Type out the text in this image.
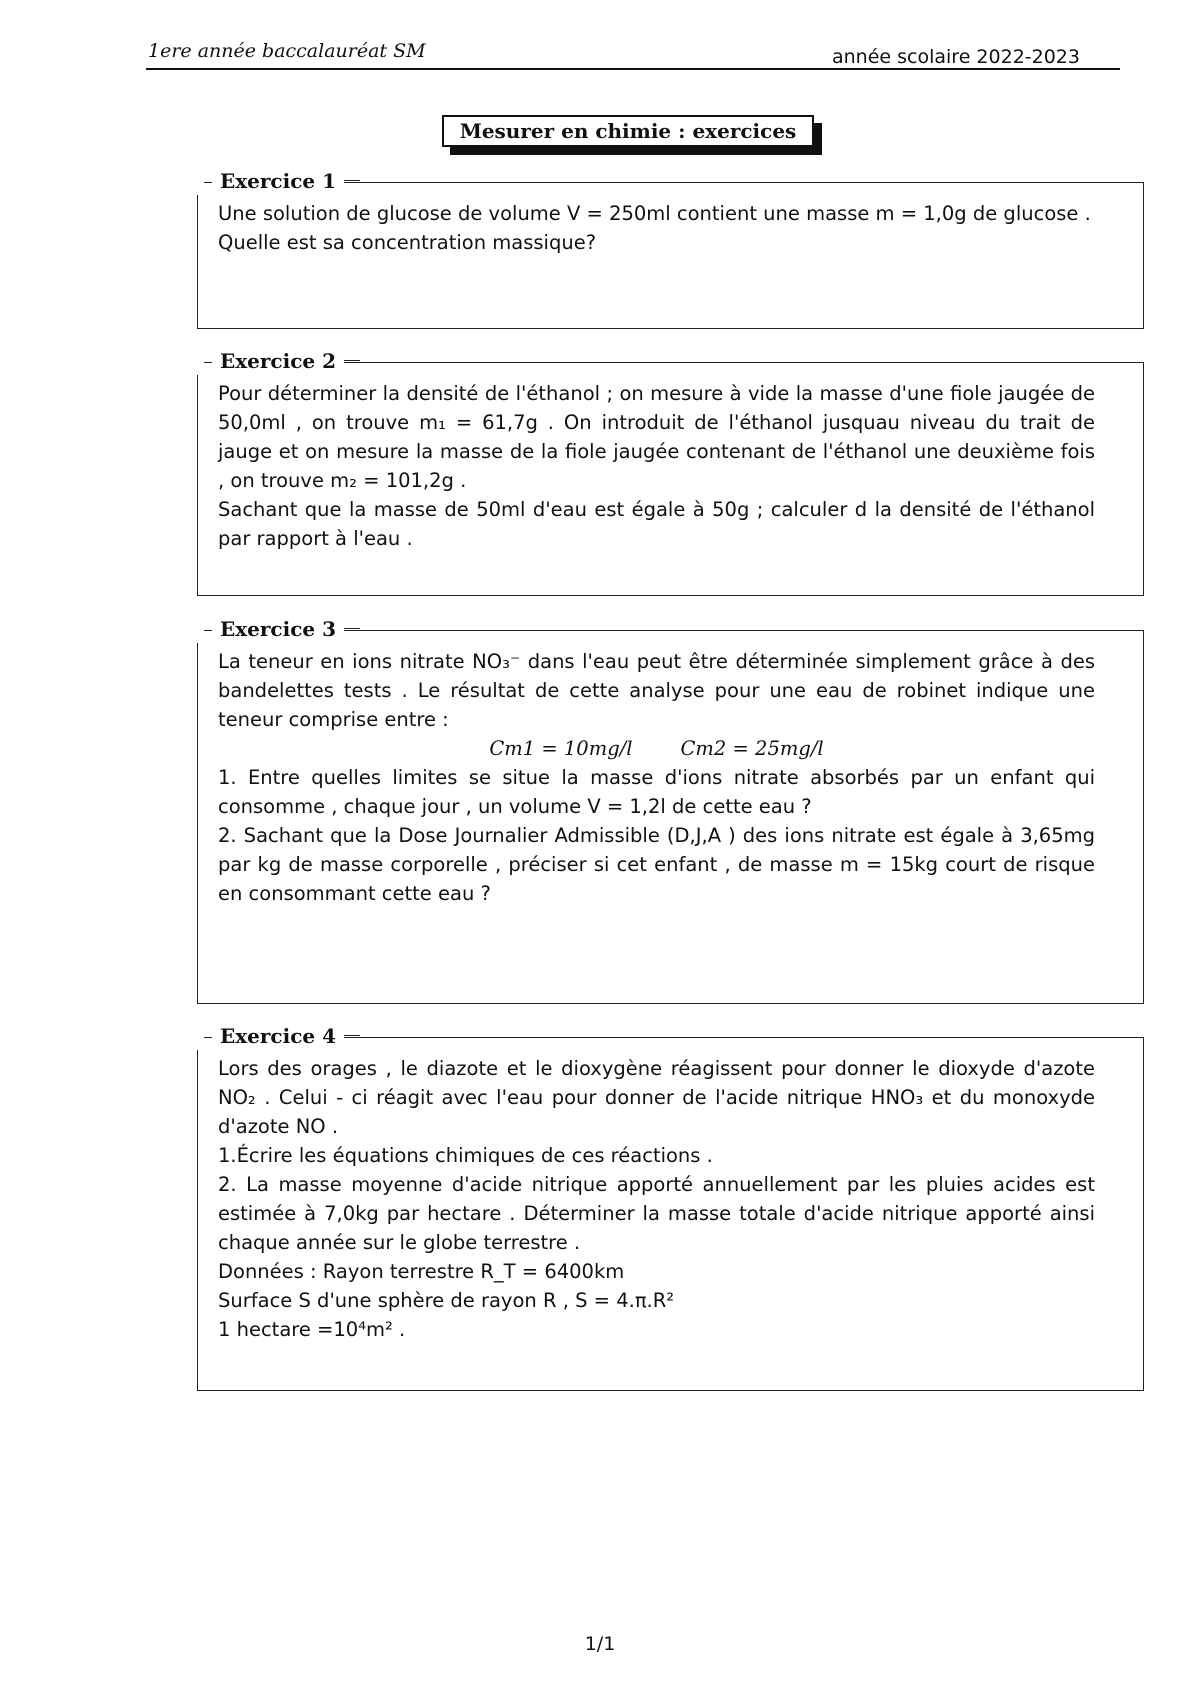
1ere année baccalauréat SM	année scolaire 2022-2023
Mesurer en chimie : exercices
Exercice 1

Une solution de glucose de volume V = 250ml contient une masse m = 1,0g de glucose .

Quelle est sa concentration massique?

Exercice 2

Pour déterminer la densité de l'éthanol ; on mesure à vide la masse d'une fiole jaugée de 50,0ml , on trouve m₁ = 61,7g . On introduit de l'éthanol jusquau niveau du trait de jauge et on mesure la masse de la fiole jaugée contenant de l'éthanol une deuxième fois , on trouve m₂ = 101,2g .

Sachant que la masse de 50ml d'eau est égale à 50g ; calculer d la densité de l'éthanol par rapport à l'eau .

Exercice 3

La teneur en ions nitrate NO₃⁻ dans l'eau peut être déterminée simplement grâce à des bandelettes tests . Le résultat de cette analyse pour une eau de robinet indique une teneur comprise entre :

Cm1 = 10mg/l Cm2 = 25mg/l

1. Entre quelles limites se situe la masse d'ions nitrate absorbés par un enfant qui consomme , chaque jour , un volume V = 1,2l de cette eau ?

2. Sachant que la Dose Journalier Admissible (D,J,A ) des ions nitrate est égale à 3,65mg par kg de masse corporelle , préciser si cet enfant , de masse m = 15kg court de risque en consommant cette eau ?

Exercice 4

Lors des orages , le diazote et le dioxygène réagissent pour donner le dioxyde d'azote NO₂ . Celui - ci réagit avec l'eau pour donner de l'acide nitrique HNO₃ et du monoxyde d'azote NO .

1.Écrire les équations chimiques de ces réactions .

2. La masse moyenne d'acide nitrique apporté annuellement par les pluies acides est estimée à 7,0kg par hectare . Déterminer la masse totale d'acide nitrique apporté ainsi chaque année sur le globe terrestre .

Données : Rayon terrestre R_T = 6400km

Surface S d'une sphère de rayon R , S = 4.π.R²

1 hectare =10⁴m² .

1/1
